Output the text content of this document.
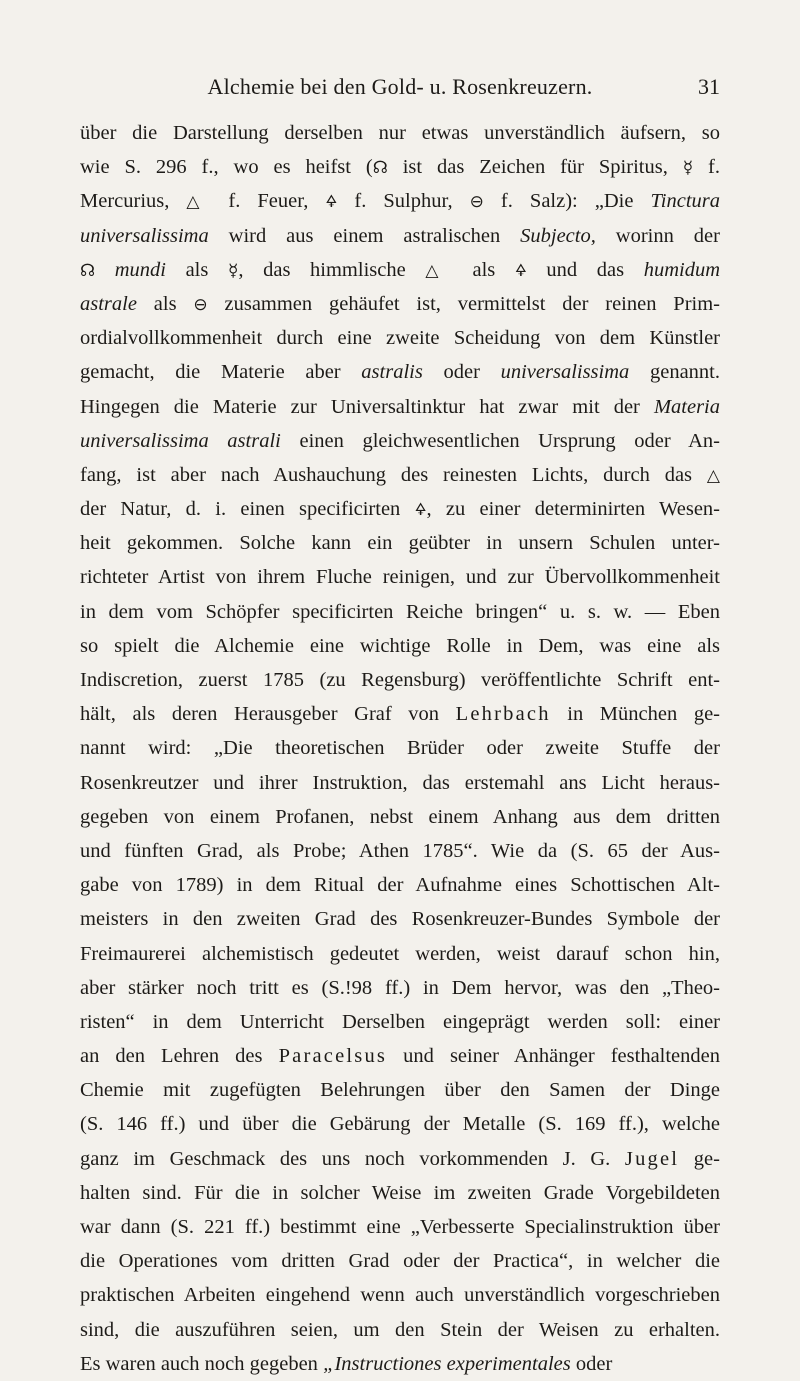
Alchemie bei den Gold- u. Rosenkreuzern.	31
über die Darstellung derselben nur etwas unverständlich äufsern, so
wie S. 296 f., wo es heifst (☊ ist das Zeichen für Spiritus, ☿ f.
Mercurius, △ f. Feuer, 🜍 f. Sulphur, ⊖ f. Salz): „Die Tinctura
universalissima wird aus einem astralischen Subjecto, worinn der
☊ mundi als ☿, das himmlische △ als 🜍 und das humidum
astrale als ⊖ zusammen gehäufet ist, vermittelst der reinen Prim-
ordialvollkommenheit durch eine zweite Scheidung von dem Künstler
gemacht, die Materie aber astralis oder universalissima genannt.
Hingegen die Materie zur Universaltinktur hat zwar mit der Materia
universalissima astrali einen gleichwesentlichen Ursprung oder An-
fang, ist aber nach Aushauchung des reinesten Lichts, durch das △
der Natur, d. i. einen specificirten 🜍, zu einer determinirten Wesen-
heit gekommen. Solche kann ein geübter in unsern Schulen unter-
richteter Artist von ihrem Fluche reinigen, und zur Übervollkommenheit
in dem vom Schöpfer specificirten Reiche bringen“ u. s. w. — Eben
so spielt die Alchemie eine wichtige Rolle in Dem, was eine als
Indiscretion, zuerst 1785 (zu Regensburg) veröffentlichte Schrift ent-
hält, als deren Herausgeber Graf von Lehrbach in München ge-
nannt wird: „Die theoretischen Brüder oder zweite Stuffe der
Rosenkreutzer und ihrer Instruktion, das erstemahl ans Licht heraus-
gegeben von einem Profanen, nebst einem Anhang aus dem dritten
und fünften Grad, als Probe; Athen 1785“. Wie da (S. 65 der Aus-
gabe von 1789) in dem Ritual der Aufnahme eines Schottischen Alt-
meisters in den zweiten Grad des Rosenkreuzer-Bundes Symbole der
Freimaurerei alchemistisch gedeutet werden, weist darauf schon hin,
aber stärker noch tritt es (S.!98 ff.) in Dem hervor, was den „Theo-
risten“ in dem Unterricht Derselben eingeprägt werden soll: einer
an den Lehren des Paracelsus und seiner Anhänger festhaltenden
Chemie mit zugefügten Belehrungen über den Samen der Dinge
(S. 146 ff.) und über die Gebärung der Metalle (S. 169 ff.), welche
ganz im Geschmack des uns noch vorkommenden J. G. Jugel ge-
halten sind. Für die in solcher Weise im zweiten Grade Vorgebildeten
war dann (S. 221 ff.) bestimmt eine „Verbesserte Specialinstruktion über
die Operationes vom dritten Grad oder der Practica“, in welcher die
praktischen Arbeiten eingehend wenn auch unverständlich vorgeschrieben
sind, die auszuführen seien, um den Stein der Weisen zu erhalten.
Es waren auch noch gegeben „Instructiones experimentales oder
